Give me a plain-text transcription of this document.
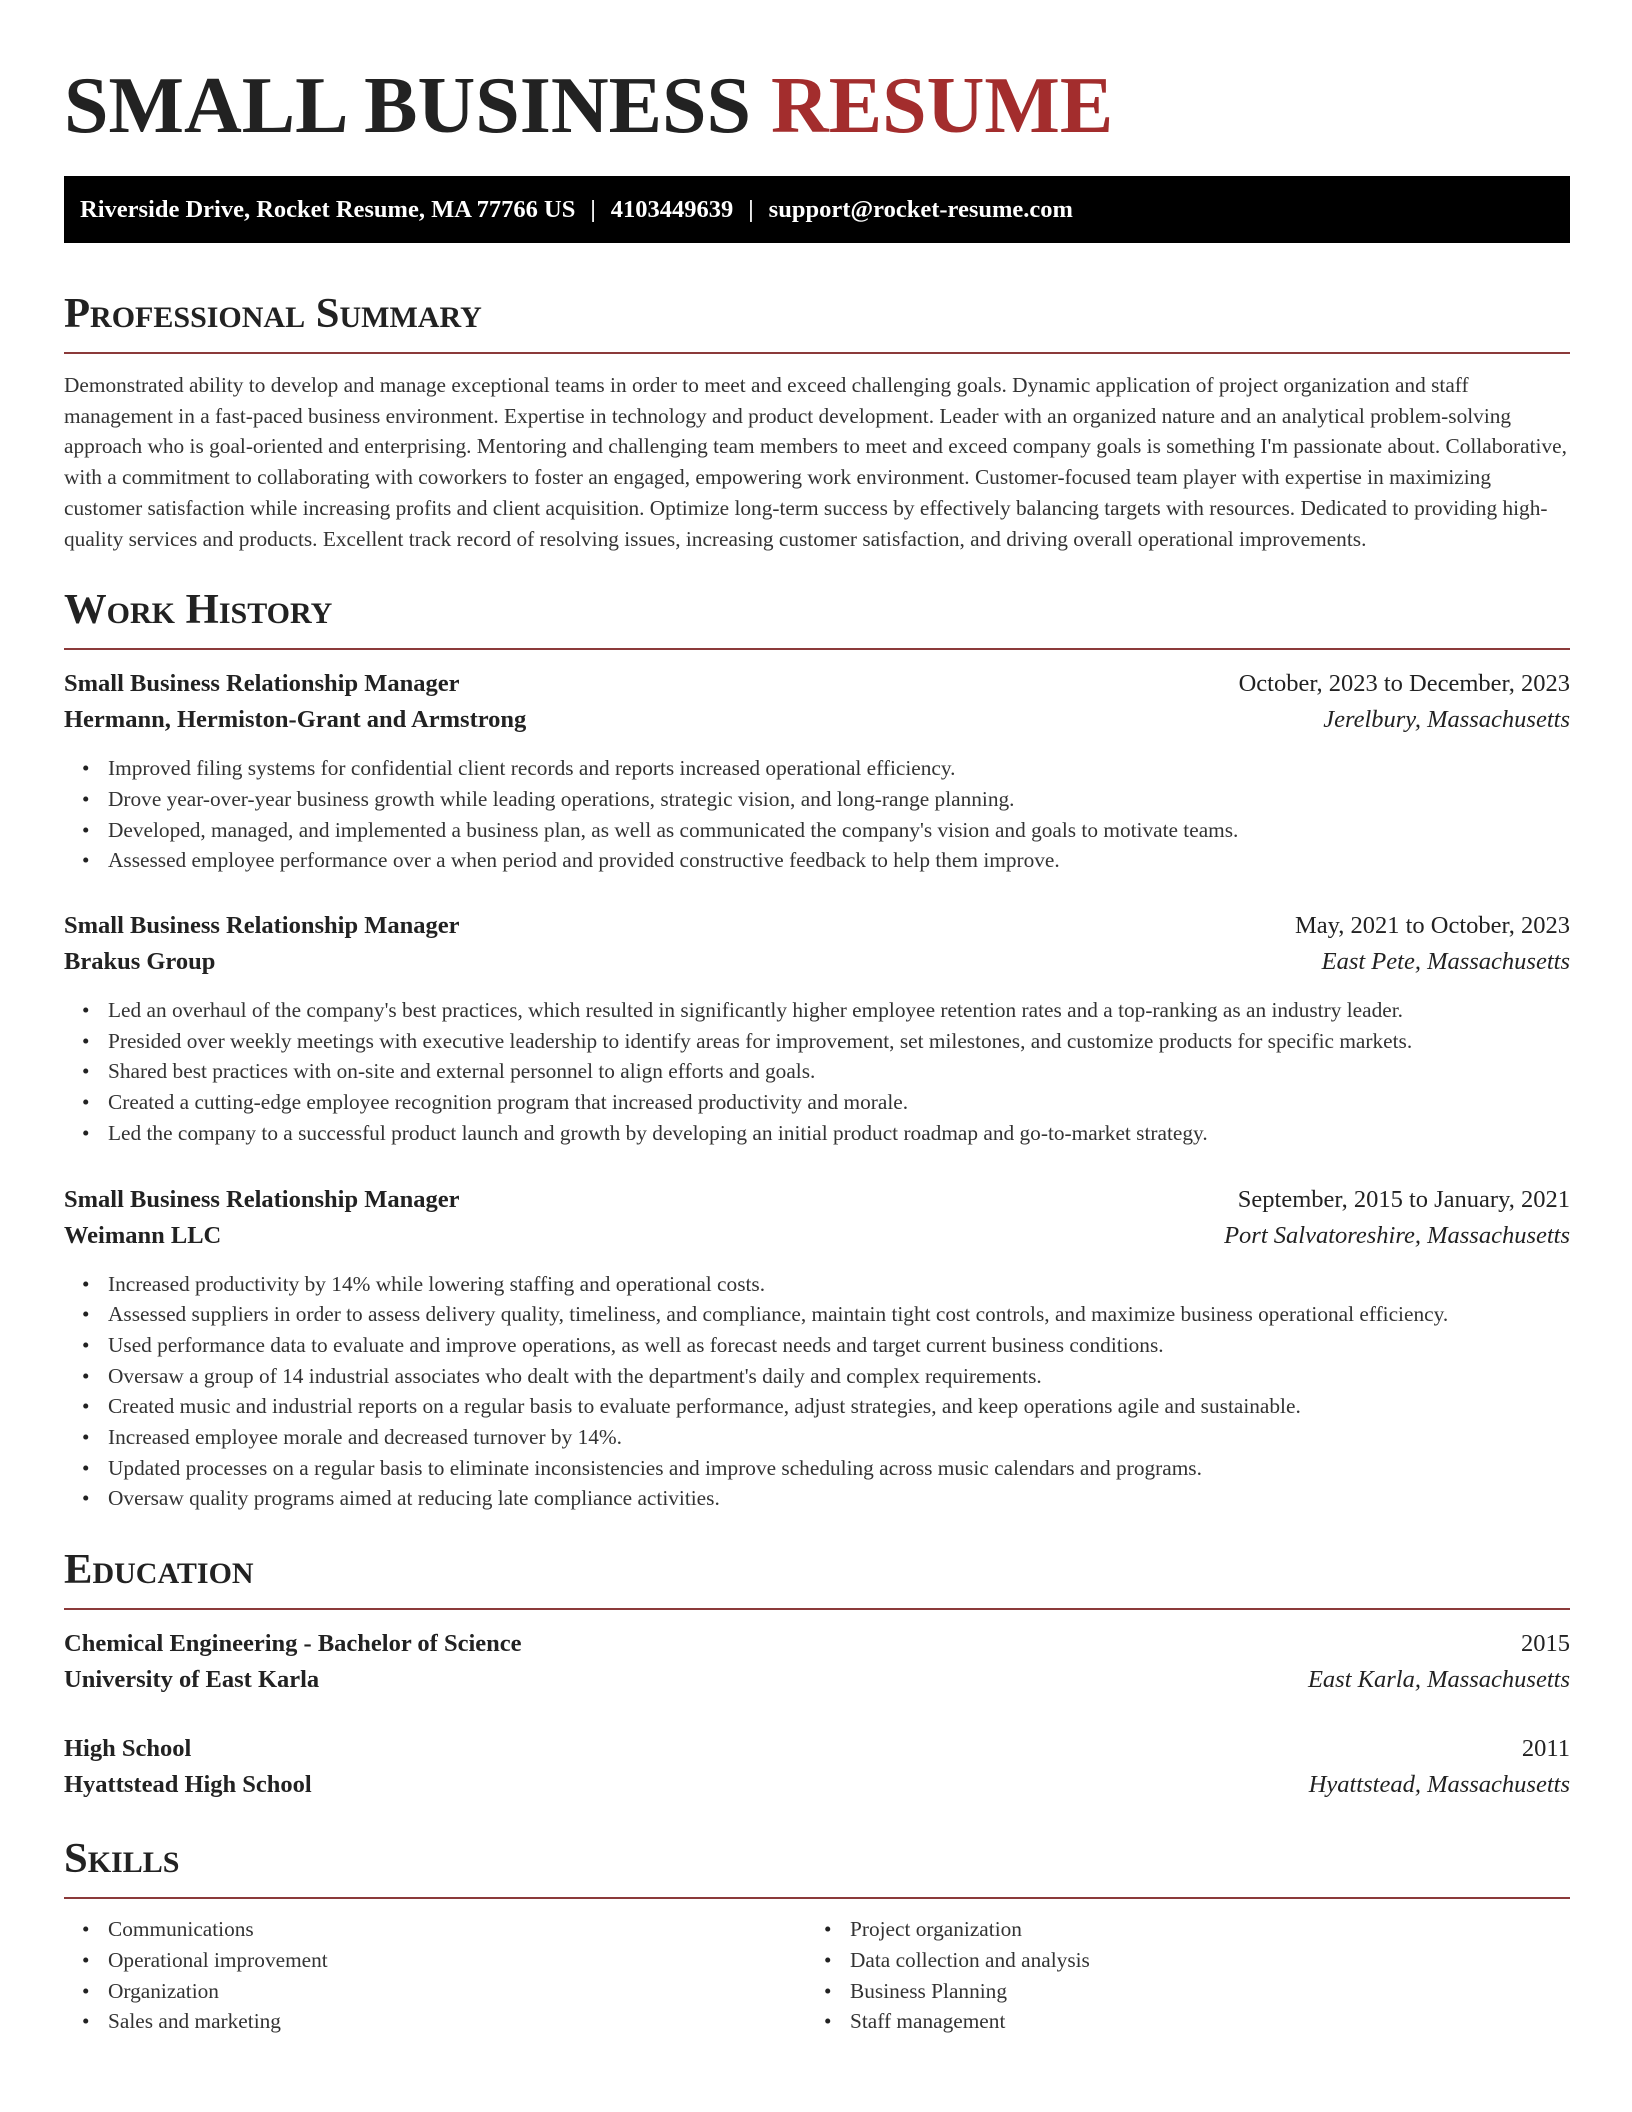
SMALL BUSINESS RESUME
Riverside Drive, Rocket Resume, MA 77766 US | 4103449639 | support@rocket-resume.com
Professional Summary

Demonstrated ability to develop and manage exceptional teams in order to meet and exceed challenging goals. Dynamic application of project organization and staff management in a fast-paced business environment. Expertise in technology and product development. Leader with an organized nature and an analytical problem-solving approach who is goal-oriented and enterprising. Mentoring and challenging team members to meet and exceed company goals is something I'm passionate about. Collaborative, with a commitment to collaborating with coworkers to foster an engaged, empowering work environment. Customer-focused team player with expertise in maximizing customer satisfaction while increasing profits and client acquisition. Optimize long-term success by effectively balancing targets with resources. Dedicated to providing high-quality services and products. Excellent track record of resolving issues, increasing customer satisfaction, and driving overall operational improvements.

Work History
Small Business Relationship Manager	October, 2023 to December, 2023
Hermann, Hermiston-Grant and Armstrong	Jerelbury, Massachusetts
• Improved filing systems for confidential client records and reports increased operational efficiency.
• Drove year-over-year business growth while leading operations, strategic vision, and long-range planning.
• Developed, managed, and implemented a business plan, as well as communicated the company's vision and goals to motivate teams.
• Assessed employee performance over a when period and provided constructive feedback to help them improve.
Small Business Relationship Manager	May, 2021 to October, 2023
Brakus Group	East Pete, Massachusetts
• Led an overhaul of the company's best practices, which resulted in significantly higher employee retention rates and a top-ranking as an industry leader.
• Presided over weekly meetings with executive leadership to identify areas for improvement, set milestones, and customize products for specific markets.
• Shared best practices with on-site and external personnel to align efforts and goals.
• Created a cutting-edge employee recognition program that increased productivity and morale.
• Led the company to a successful product launch and growth by developing an initial product roadmap and go-to-market strategy.
Small Business Relationship Manager	September, 2015 to January, 2021
Weimann LLC	Port Salvatoreshire, Massachusetts
• Increased productivity by 14% while lowering staffing and operational costs.
• Assessed suppliers in order to assess delivery quality, timeliness, and compliance, maintain tight cost controls, and maximize business operational efficiency.
• Used performance data to evaluate and improve operations, as well as forecast needs and target current business conditions.
• Oversaw a group of 14 industrial associates who dealt with the department's daily and complex requirements.
• Created music and industrial reports on a regular basis to evaluate performance, adjust strategies, and keep operations agile and sustainable.
• Increased employee morale and decreased turnover by 14%.
• Updated processes on a regular basis to eliminate inconsistencies and improve scheduling across music calendars and programs.
• Oversaw quality programs aimed at reducing late compliance activities.
Education
Chemical Engineering - Bachelor of Science	2015
University of East Karla	East Karla, Massachusetts
High School	2011
Hyattstead High School	Hyattstead, Massachusetts
Skills
• Communications
• Operational improvement
• Organization
• Sales and marketing
• Project organization
• Data collection and analysis
• Business Planning
• Staff management
